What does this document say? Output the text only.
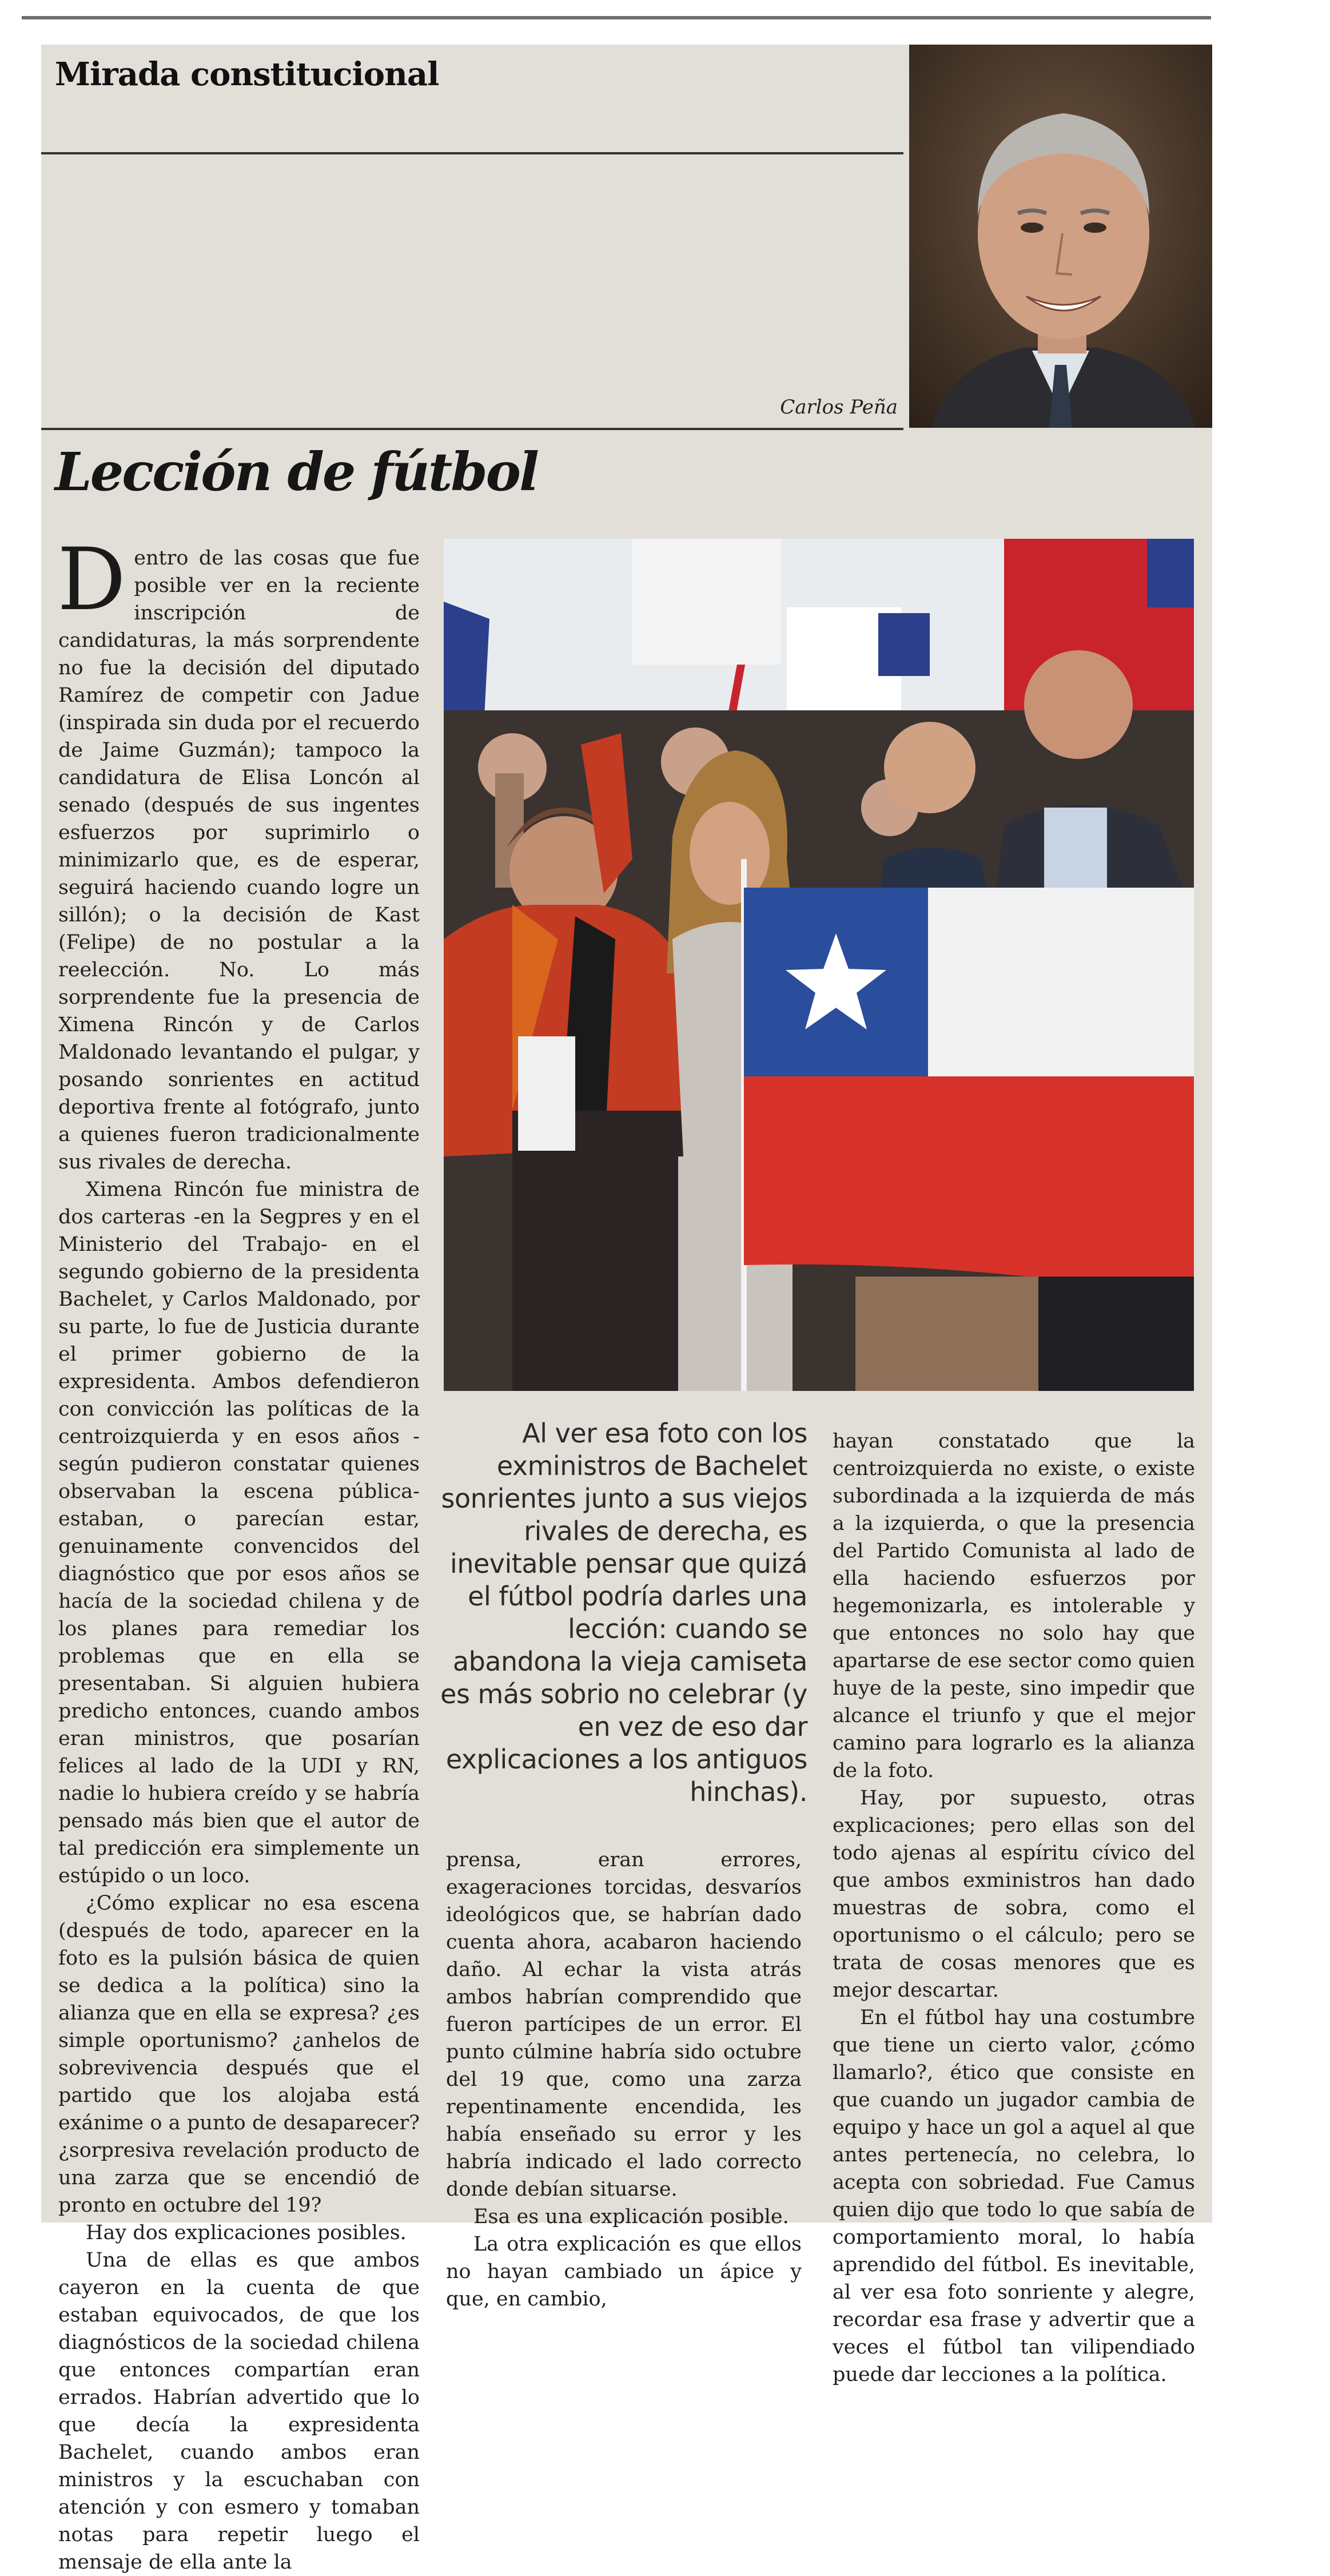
Mirada constitucional
Carlos Peña
Lección de fútbol

Dentro de las cosas que fue posible ver en la reciente inscripción de candidaturas, la más sorprendente no fue la decisión del diputado Ramírez de competir con Jadue (inspirada sin duda por el recuerdo de Jaime Guzmán); tampoco la candidatura de Elisa Loncón al senado (después de sus ingentes esfuerzos por suprimirlo o minimizarlo que, es de esperar, seguirá haciendo cuando logre un sillón); o la decisión de Kast (Felipe) de no postular a la reelección. No. Lo más sorprendente fue la presencia de Ximena Rincón y de Carlos Maldonado levantando el pulgar, y posando sonrientes en actitud deportiva frente al fotógrafo, junto a quienes fueron tradicionalmente sus rivales de derecha.

Ximena Rincón fue ministra de dos carteras -en la Segpres y en el Ministerio del Trabajo- en el segundo gobierno de la presidenta Bachelet, y Carlos Maldonado, por su parte, lo fue de Justicia durante el primer gobierno de la expresidenta. Ambos defendieron con convicción las políticas de la centroizquierda y en esos años -según pudieron constatar quienes observaban la escena pública- estaban, o parecían estar, genuinamente convencidos del diagnóstico que por esos años se hacía de la sociedad chilena y de los planes para remediar los problemas que en ella se presentaban. Si alguien hubiera predicho entonces, cuando ambos eran ministros, que posarían felices al lado de la UDI y RN, nadie lo hubiera creído y se habría pensado más bien que el autor de tal predicción era simplemente un estúpido o un loco.

¿Cómo explicar no esa escena (después de todo, aparecer en la foto es la pulsión básica de quien se dedica a la política) sino la alianza que en ella se expresa? ¿es simple oportunismo? ¿anhelos de sobrevivencia después que el partido que los alojaba está exánime o a punto de desaparecer? ¿sorpresiva revelación producto de una zarza que se encendió de pronto en octubre del 19?

Hay dos explicaciones posibles.

Una de ellas es que ambos cayeron en la cuenta de que estaban equivocados, de que los diagnósticos de la sociedad chilena que entonces compartían eran errados. Habrían advertido que lo que decía la expresidenta Bachelet, cuando ambos eran ministros y la escuchaban con atención y con esmero y tomaban notas para repetir luego el mensaje de ella ante la

Al ver esa foto con los exministros de Bachelet sonrientes junto a sus viejos rivales de derecha, es inevitable pensar que quizá el fútbol podría darles una lección: cuando se abandona la vieja camiseta es más sobrio no celebrar (y en vez de eso dar explicaciones a los antiguos hinchas).

prensa, eran errores, exageraciones torcidas, desvaríos ideológicos que, se habrían dado cuenta ahora, acabaron haciendo daño. Al echar la vista atrás ambos habrían comprendido que fueron partícipes de un error. El punto cúlmine habría sido octubre del 19 que, como una zarza repentinamente encendida, les había enseñado su error y les habría indicado el lado correcto donde debían situarse.

Esa es una explicación posible.

La otra explicación es que ellos no hayan cambiado un ápice y que, en cambio,

hayan constatado que la centroizquierda no existe, o existe subordinada a la izquierda de más a la izquierda, o que la presencia del Partido Comunista al lado de ella haciendo esfuerzos por hegemonizarla, es intolerable y que entonces no solo hay que apartarse de ese sector como quien huye de la peste, sino impedir que alcance el triunfo y que el mejor camino para lograrlo es la alianza de la foto.

Hay, por supuesto, otras explicaciones; pero ellas son del todo ajenas al espíritu cívico del que ambos exministros han dado muestras de sobra, como el oportunismo o el cálculo; pero se trata de cosas menores que es mejor descartar.

En el fútbol hay una costumbre que tiene un cierto valor, ¿cómo llamarlo?, ético que consiste en que cuando un jugador cambia de equipo y hace un gol a aquel al que antes pertenecía, no celebra, lo acepta con sobriedad. Fue Camus quien dijo que todo lo que sabía de comportamiento moral, lo había aprendido del fútbol. Es inevitable, al ver esa foto sonriente y alegre, recordar esa frase y advertir que a veces el fútbol tan vilipendiado puede dar lecciones a la política.
